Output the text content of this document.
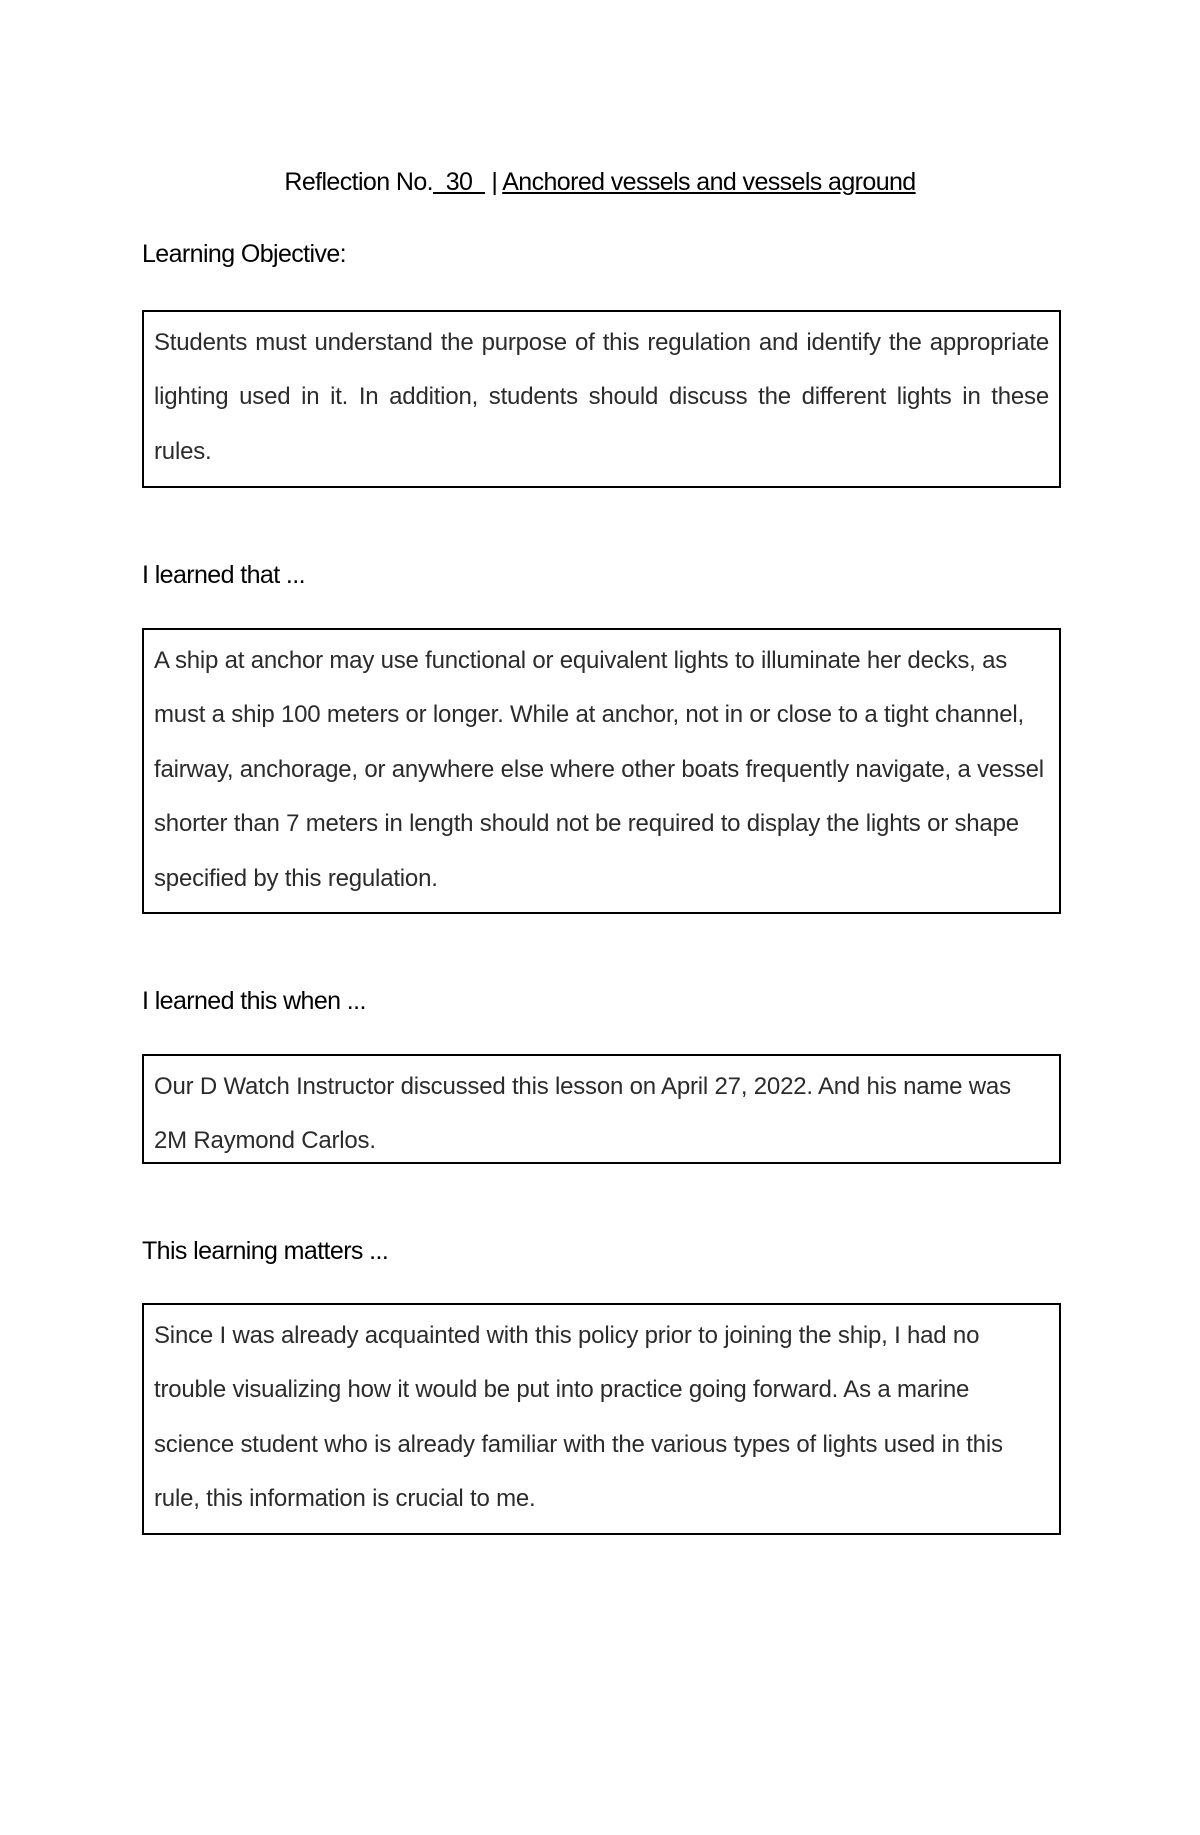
Reflection No.  30   | Anchored vessels and vessels aground
Learning Objective:

Students must understand the purpose of this regulation and identify the appropriate lighting used in it. In addition, students should discuss the different lights in these rules.

I learned that ...

A ship at anchor may use functional or equivalent lights to illuminate her decks, as must a ship 100 meters or longer. While at anchor, not in or close to a tight channel, fairway, anchorage, or anywhere else where other boats frequently navigate, a vessel shorter than 7 meters in length should not be required to display the lights or shape specified by this regulation.

I learned this when ...

Our D Watch Instructor discussed this lesson on April 27, 2022. And his name was 2M Raymond Carlos.

This learning matters ...

Since I was already acquainted with this policy prior to joining the ship, I had no trouble visualizing how it would be put into practice going forward. As a marine science student who is already familiar with the various types of lights used in this rule, this information is crucial to me.
